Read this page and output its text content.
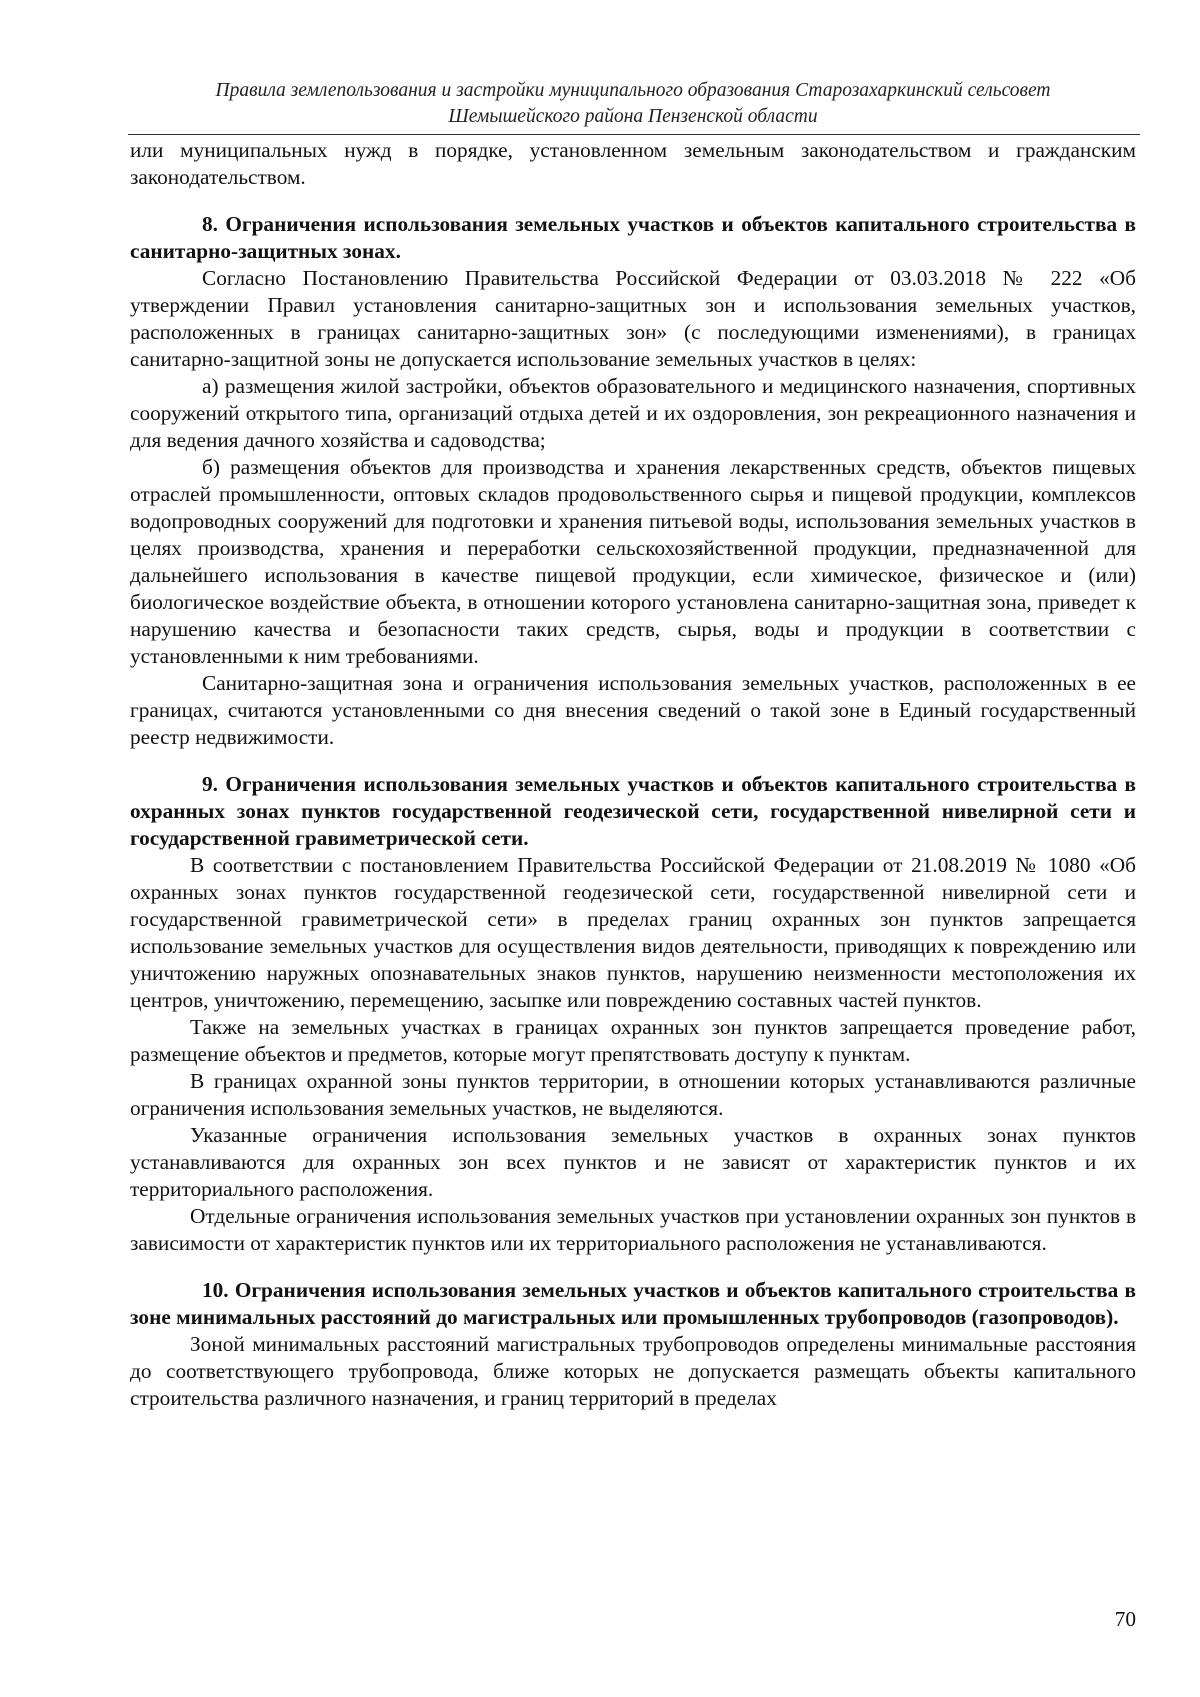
Правила землепользования и застройки муниципального образования Старозахаркинский сельсовет
Шемышейского района Пензенской области

или муниципальных нужд в порядке, установленном земельным законодательством и гражданским законодательством.

8. Ограничения использования земельных участков и объектов капитального строительства в санитарно-защитных зонах.

Согласно Постановлению Правительства Российской Федерации от 03.03.2018 № 222 «Об утверждении Правил установления санитарно-защитных зон и использования земельных участков, расположенных в границах санитарно-защитных зон» (с последующими изменениями), в границах санитарно-защитной зоны не допускается использование земельных участков в целях:

а) размещения жилой застройки, объектов образовательного и медицинского назначения, спортивных сооружений открытого типа, организаций отдыха детей и их оздоровления, зон рекреационного назначения и для ведения дачного хозяйства и садоводства;

б) размещения объектов для производства и хранения лекарственных средств, объектов пищевых отраслей промышленности, оптовых складов продовольственного сырья и пищевой продукции, комплексов водопроводных сооружений для подготовки и хранения питьевой воды, использования земельных участков в целях производства, хранения и переработки сельскохозяйственной продукции, предназначенной для дальнейшего использования в качестве пищевой продукции, если химическое, физическое и (или) биологическое воздействие объекта, в отношении которого установлена санитарно-защитная зона, приведет к нарушению качества и безопасности таких средств, сырья, воды и продукции в соответствии с установленными к ним требованиями.

Санитарно-защитная зона и ограничения использования земельных участков, расположенных в ее границах, считаются установленными со дня внесения сведений о такой зоне в Единый государственный реестр недвижимости.

9. Ограничения использования земельных участков и объектов капитального строительства в охранных зонах пунктов государственной геодезической сети, государственной нивелирной сети и государственной гравиметрической сети.

В соответствии с постановлением Правительства Российской Федерации от 21.08.2019 № 1080 «Об охранных зонах пунктов государственной геодезической сети, государственной нивелирной сети и государственной гравиметрической сети» в пределах границ охранных зон пунктов запрещается использование земельных участков для осуществления видов деятельности, приводящих к повреждению или уничтожению наружных опознавательных знаков пунктов, нарушению неизменности местоположения их центров, уничтожению, перемещению, засыпке или повреждению составных частей пунктов.

Также на земельных участках в границах охранных зон пунктов запрещается проведение работ, размещение объектов и предметов, которые могут препятствовать доступу к пунктам.

В границах охранной зоны пунктов территории, в отношении которых устанавливаются различные ограничения использования земельных участков, не выделяются.

Указанные ограничения использования земельных участков в охранных зонах пунктов устанавливаются для охранных зон всех пунктов и не зависят от характеристик пунктов и их территориального расположения.

Отдельные ограничения использования земельных участков при установлении охранных зон пунктов в зависимости от характеристик пунктов или их территориального расположения не устанавливаются.

10. Ограничения использования земельных участков и объектов капитального строительства в зоне минимальных расстояний до магистральных или промышленных трубопроводов (газопроводов).

Зоной минимальных расстояний магистральных трубопроводов определены минимальные расстояния до соответствующего трубопровода, ближе которых не допускается размещать объекты капитального строительства различного назначения, и границ территорий в пределах

70
